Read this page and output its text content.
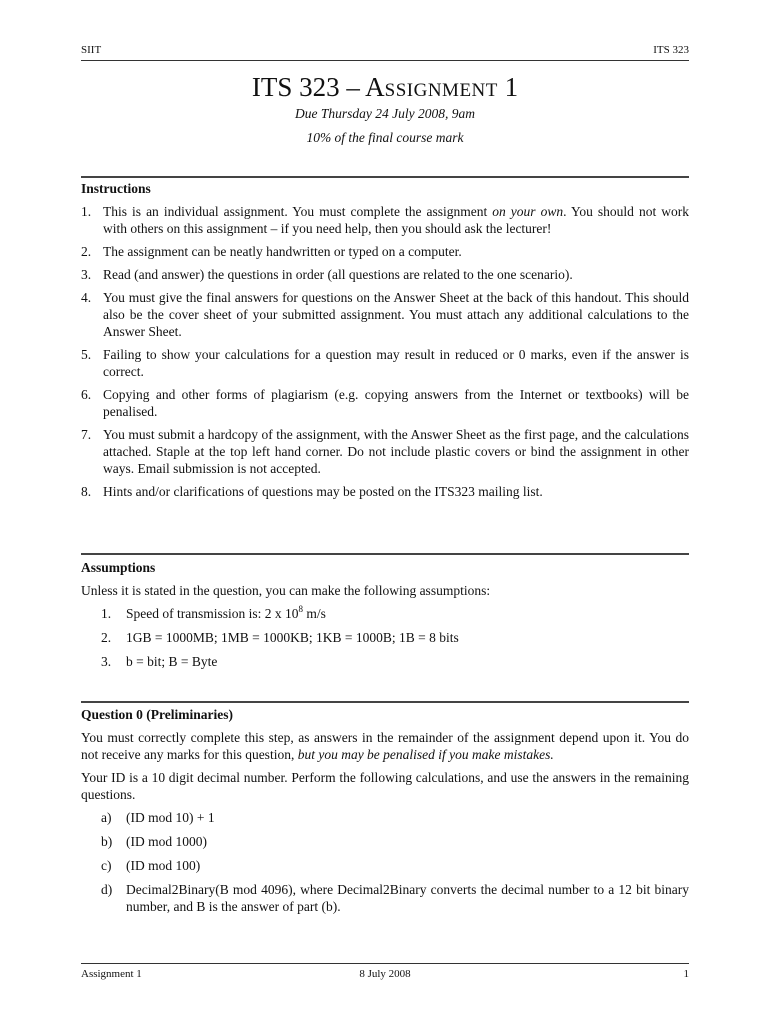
SIIT	ITS 323
ITS 323 – ASSIGNMENT 1
Due Thursday 24 July 2008, 9am
10% of the final course mark

Instructions

1. This is an individual assignment. You must complete the assignment on your own. You should not work with others on this assignment – if you need help, then you should ask the lecturer!
2. The assignment can be neatly handwritten or typed on a computer.
3. Read (and answer) the questions in order (all questions are related to the one scenario).
4. You must give the final answers for questions on the Answer Sheet at the back of this handout. This should also be the cover sheet of your submitted assignment. You must attach any additional calculations to the Answer Sheet.
5. Failing to show your calculations for a question may result in reduced or 0 marks, even if the answer is correct.
6. Copying and other forms of plagiarism (e.g. copying answers from the Internet or textbooks) will be penalised.
7. You must submit a hardcopy of the assignment, with the Answer Sheet as the first page, and the calculations attached. Staple at the top left hand corner. Do not include plastic covers or bind the assignment in other ways. Email submission is not accepted.
8. Hints and/or clarifications of questions may be posted on the ITS323 mailing list.

Assumptions

Unless it is stated in the question, you can make the following assumptions:

1. Speed of transmission is: 2 x $10^8$ m/s
2. 1GB = 1000MB; 1MB = 1000KB; 1KB = 1000B; 1B = 8 bits
3. b = bit; B = Byte

Question 0 (Preliminaries)

You must correctly complete this step, as answers in the remainder of the assignment depend upon it. You do not receive any marks for this question, but you may be penalised if you make mistakes.

Your ID is a 10 digit decimal number. Perform the following calculations, and use the answers in the remaining questions.

a) (ID mod 10) + 1
b) (ID mod 1000)
c) (ID mod 100)
d) Decimal2Binary(B mod 4096), where Decimal2Binary converts the decimal number to a 12 bit binary number, and B is the answer of part (b).
Assignment 1	8 July 2008	1
